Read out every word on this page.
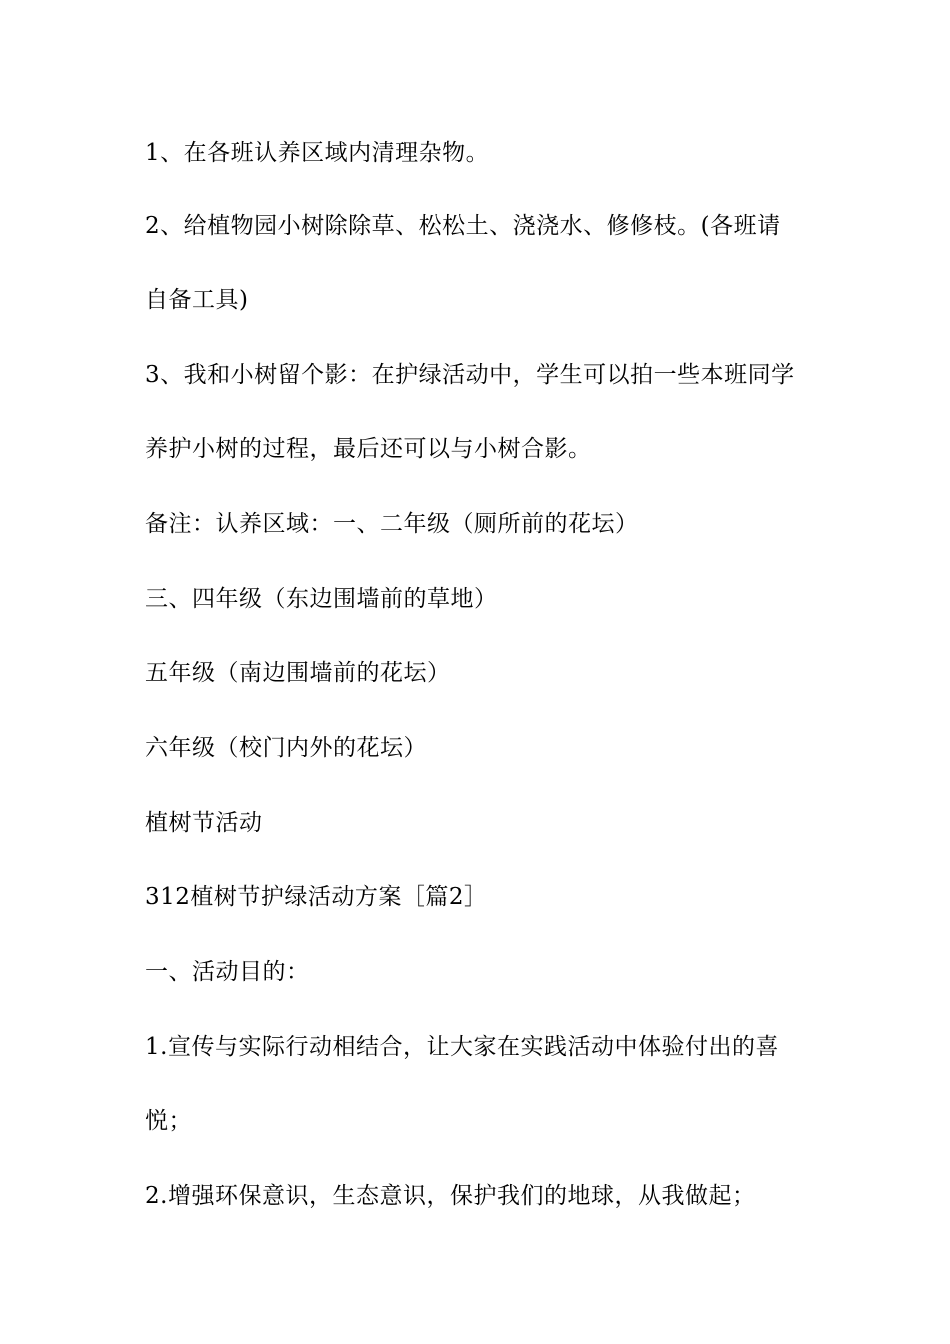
1、在各班认养区域内清理杂物。
2、给植物园小树除除草、松松土、浇浇水、修修枝。(各班请
自备工具)
3、我和小树留个影：在护绿活动中，学生可以拍一些本班同学
养护小树的过程，最后还可以与小树合影。
备注：认养区域：一、二年级（厕所前的花坛）
三、四年级（东边围墙前的草地）
五年级（南边围墙前的花坛）
六年级（校门内外的花坛）
植树节活动
312植树节护绿活动方案［篇2］
一、活动目的：
1.宣传与实际行动相结合，让大家在实践活动中体验付出的喜
悦；
2.增强环保意识，生态意识，保护我们的地球，从我做起；
